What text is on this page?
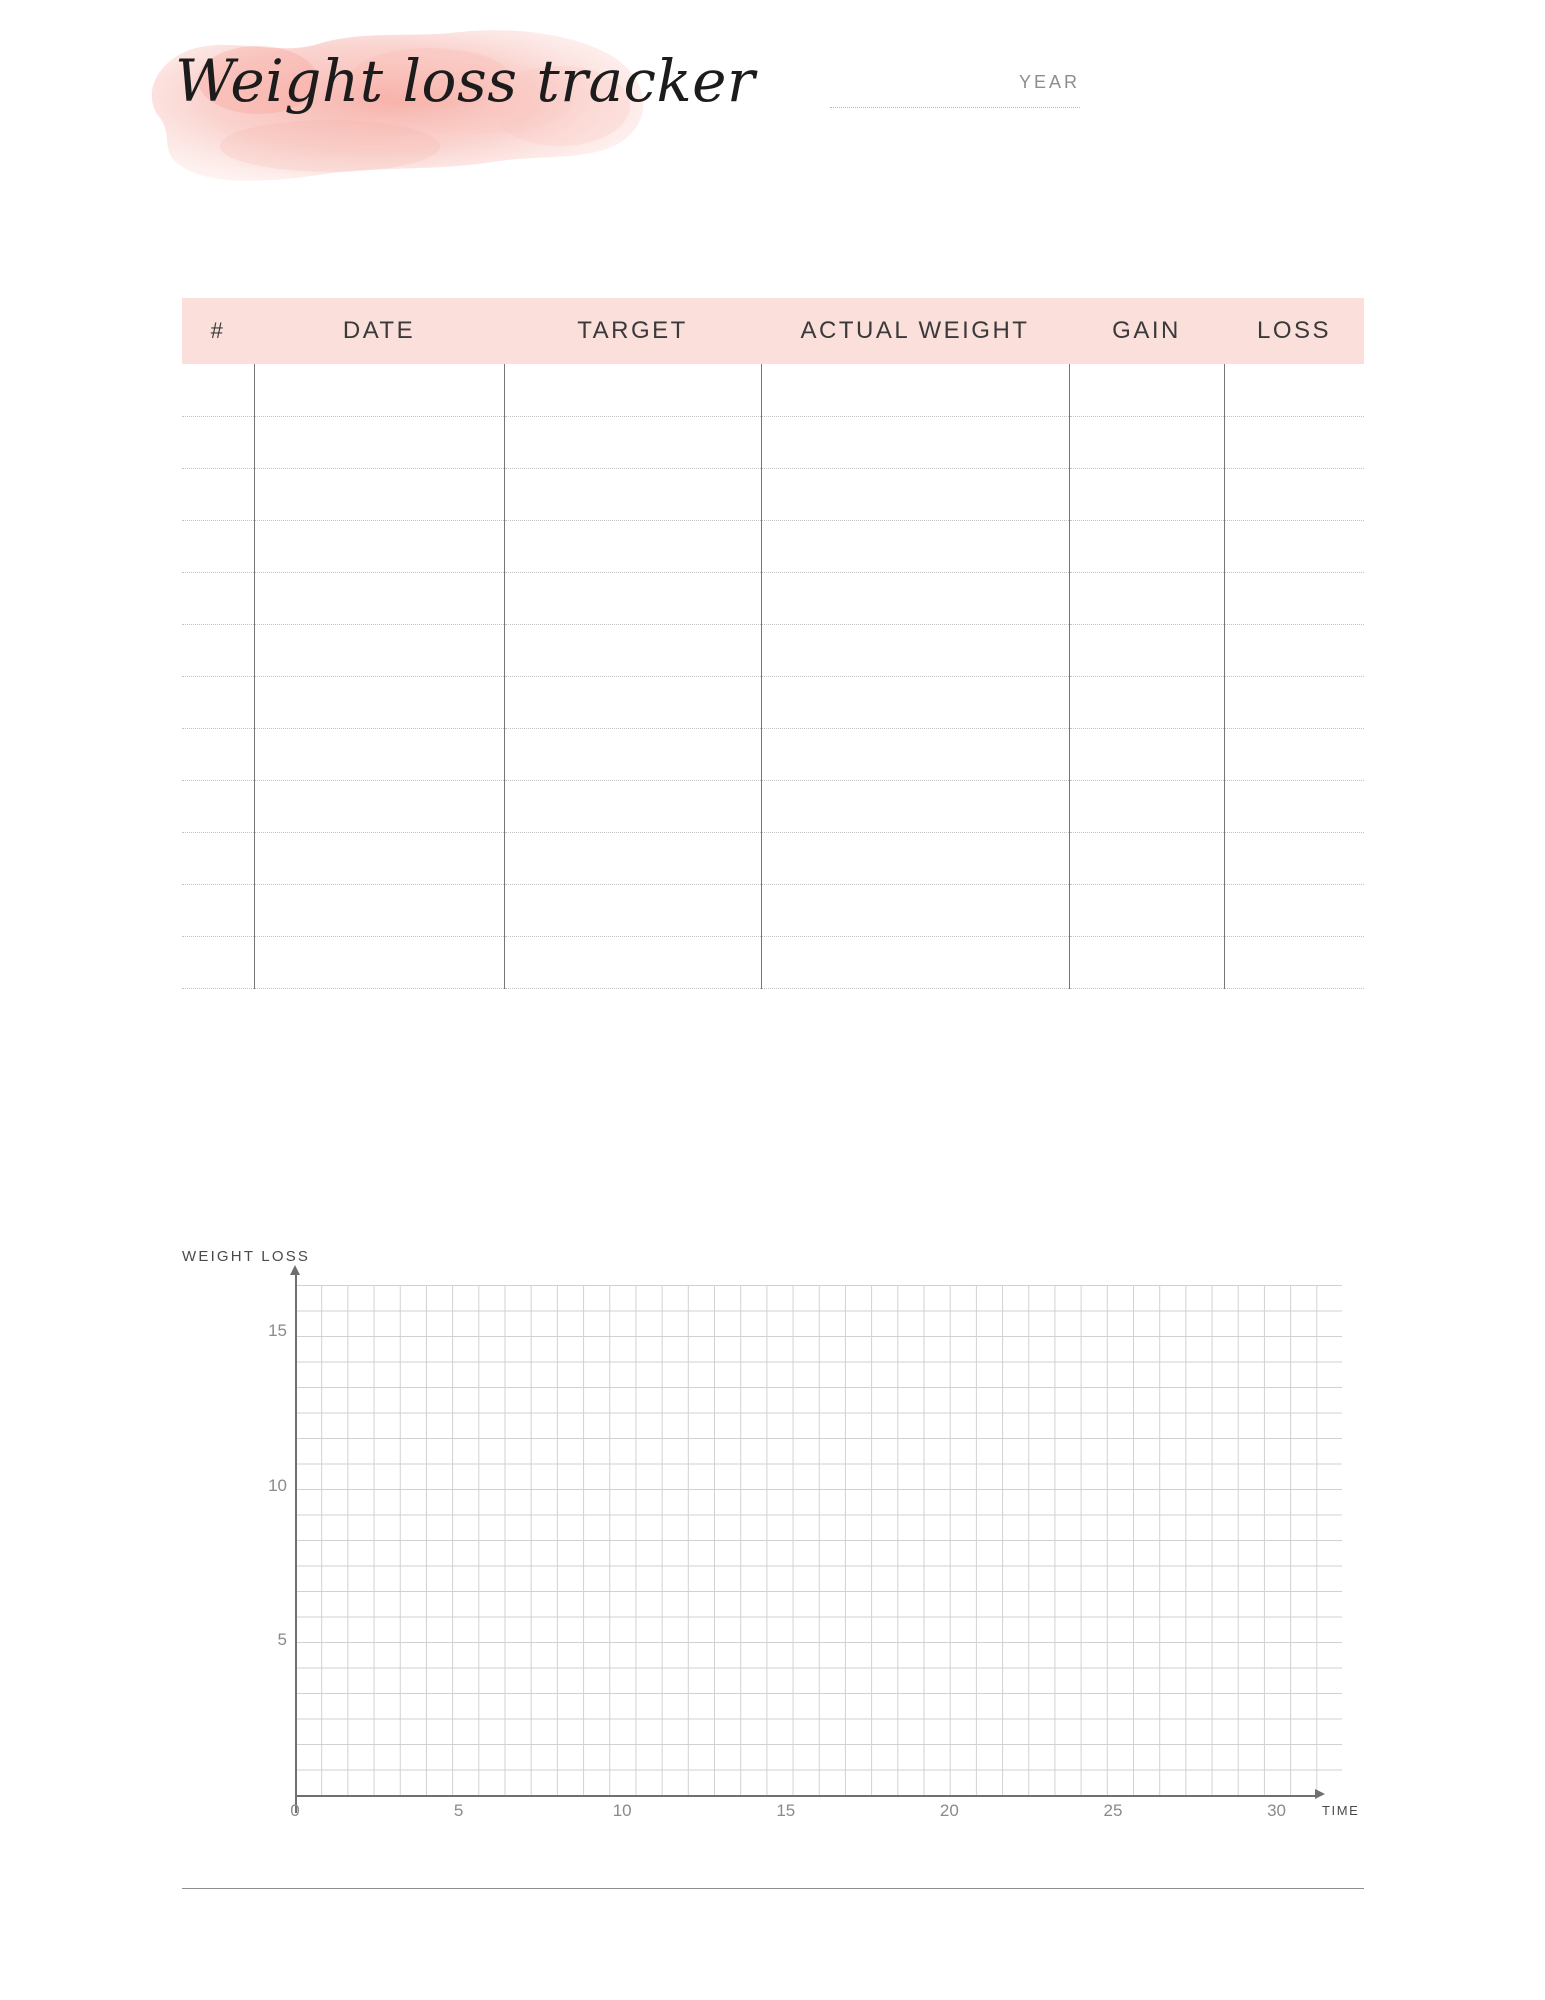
Weight loss tracker	YEAR
#	DATE	TARGET	ACTUAL WEIGHT	GAIN	LOSS

WEIGHT LOSS
5
10
15
0	5	10	15	20	25	30	TIME
